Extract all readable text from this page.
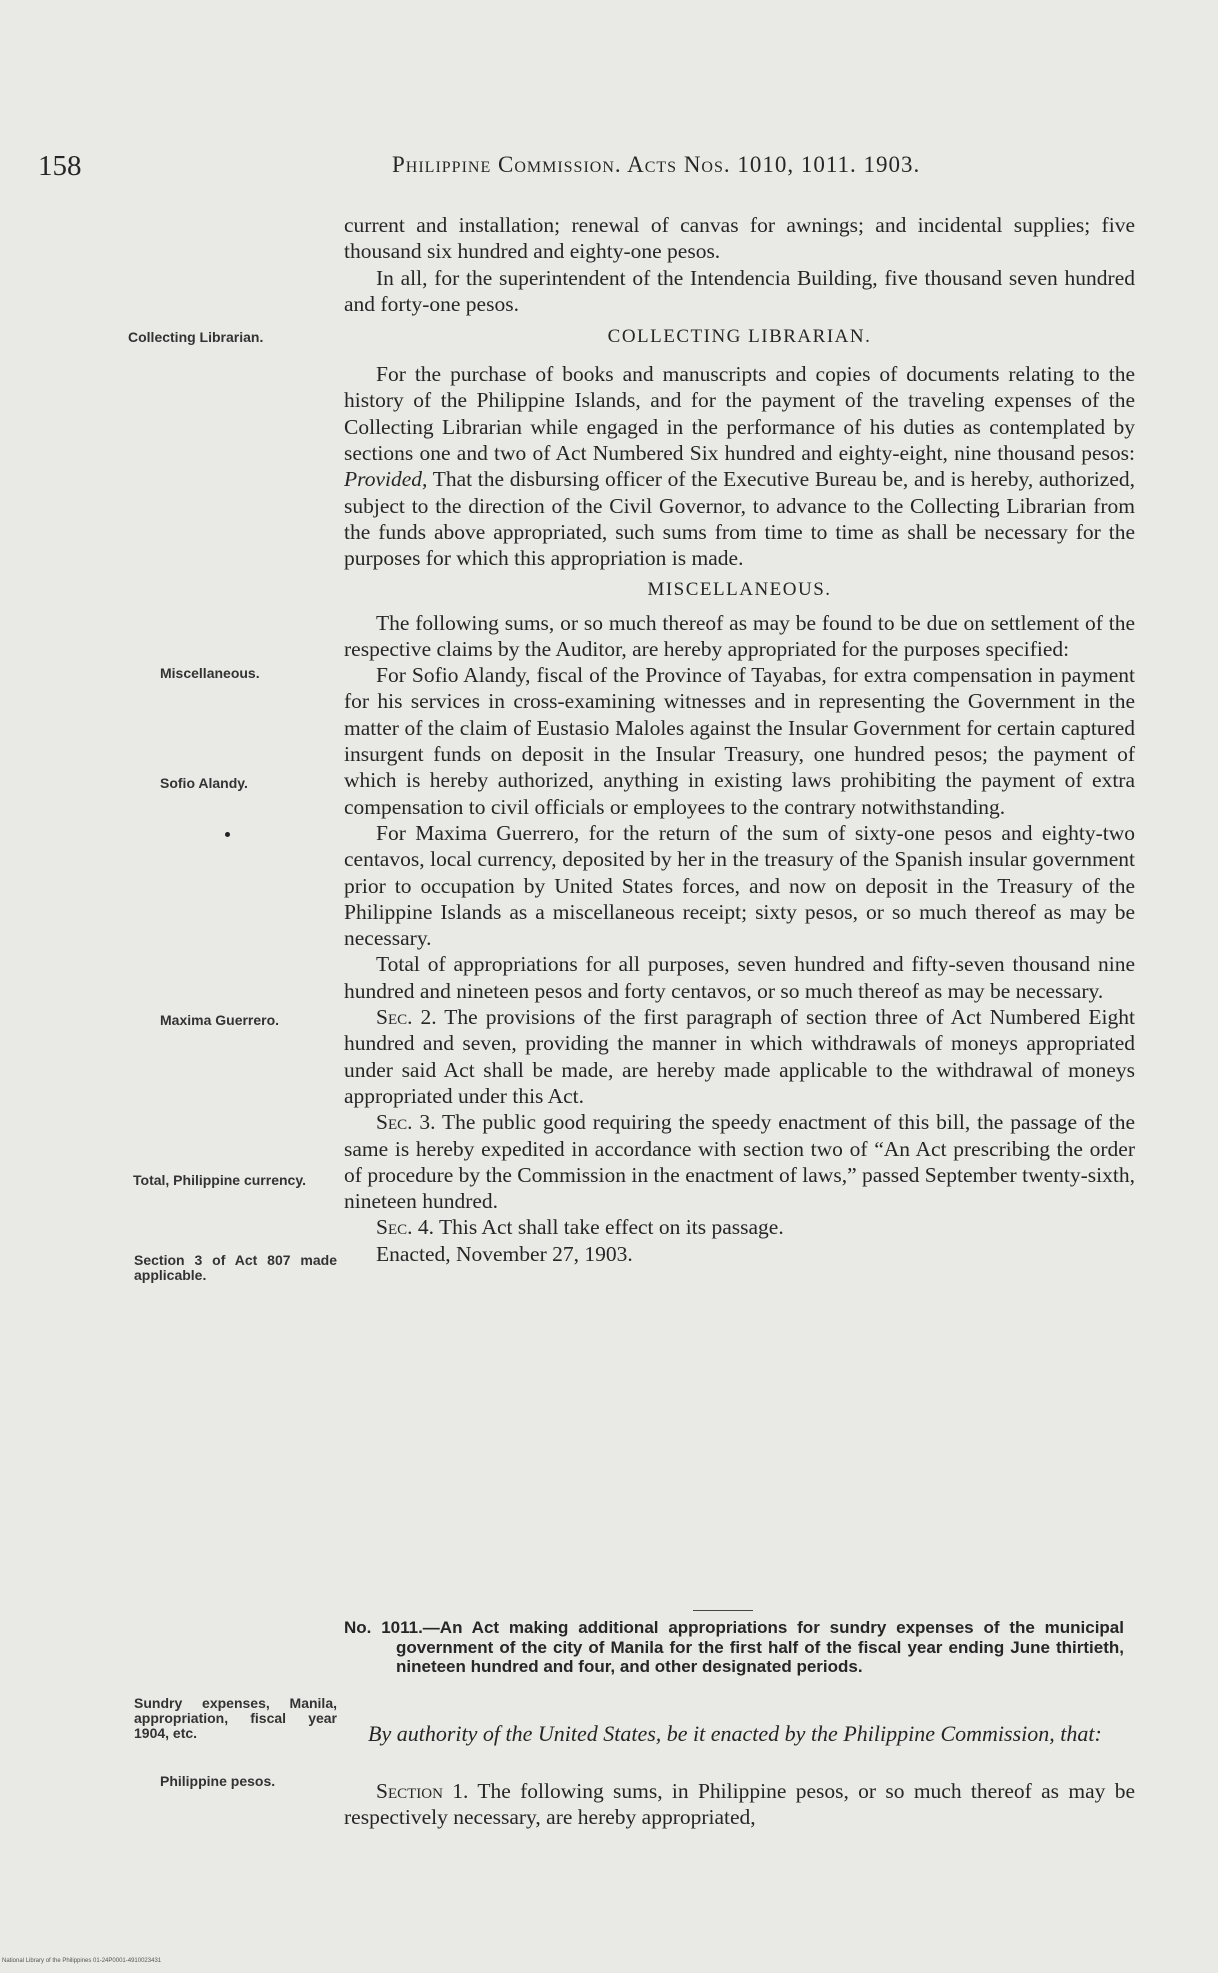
158	Philippine Commission. Acts Nos. 1010, 1011. 1903.
Collecting Librarian.
Miscellaneous.
Sofio Alandy.
Maxima Guerrero.
Total, Philippine currency.
Section 3 of Act 807 made applicable.
Sundry expenses, Manila, appropriation, fiscal year 1904, etc.
Philippine pesos.

current and installation; renewal of canvas for awnings; and incidental supplies; five thousand six hundred and eighty-one pesos.

In all, for the superintendent of the Intendencia Building, five thousand seven hundred and forty-one pesos.

COLLECTING LIBRARIAN.

For the purchase of books and manuscripts and copies of documents relating to the history of the Philippine Islands, and for the payment of the traveling expenses of the Collecting Librarian while engaged in the performance of his duties as contemplated by sections one and two of Act Numbered Six hundred and eighty-eight, nine thousand pesos: Provided, That the disbursing officer of the Executive Bureau be, and is hereby, authorized, subject to the direction of the Civil Governor, to advance to the Collecting Librarian from the funds above appropriated, such sums from time to time as shall be necessary for the purposes for which this appropriation is made.

MISCELLANEOUS.

The following sums, or so much thereof as may be found to be due on settlement of the respective claims by the Auditor, are hereby appropriated for the purposes specified:

For Sofio Alandy, fiscal of the Province of Tayabas, for extra compensation in payment for his services in cross-examining witnesses and in representing the Government in the matter of the claim of Eustasio Maloles against the Insular Government for certain captured insurgent funds on deposit in the Insular Treasury, one hundred pesos; the payment of which is hereby authorized, anything in existing laws prohibiting the payment of extra compensation to civil officials or employees to the contrary notwithstanding.

For Maxima Guerrero, for the return of the sum of sixty-one pesos and eighty-two centavos, local currency, deposited by her in the treasury of the Spanish insular government prior to occupation by United States forces, and now on deposit in the Treasury of the Philippine Islands as a miscellaneous receipt; sixty pesos, or so much thereof as may be necessary.

Total of appropriations for all purposes, seven hundred and fifty-seven thousand nine hundred and nineteen pesos and forty centavos, or so much thereof as may be necessary.

Sec. 2. The provisions of the first paragraph of section three of Act Numbered Eight hundred and seven, providing the manner in which withdrawals of moneys appropriated under said Act shall be made, are hereby made applicable to the withdrawal of moneys appropriated under this Act.

Sec. 3. The public good requiring the speedy enactment of this bill, the passage of the same is hereby expedited in accordance with section two of “An Act prescribing the order of procedure by the Commission in the enactment of laws,” passed September twenty-sixth, nineteen hundred.

Sec. 4. This Act shall take effect on its passage.

Enacted, November 27, 1903.

No. 1011.—An Act making additional appropriations for sundry expenses of the municipal government of the city of Manila for the first half of the fiscal year ending June thirtieth, nineteen hundred and four, and other designated periods.

By authority of the United States, be it enacted by the Philippine Commission, that:

Section 1. The following sums, in Philippine pesos, or so much thereof as may be respectively necessary, are hereby appropriated,

National Library of the Philippines 01-24P0001-4910023431
